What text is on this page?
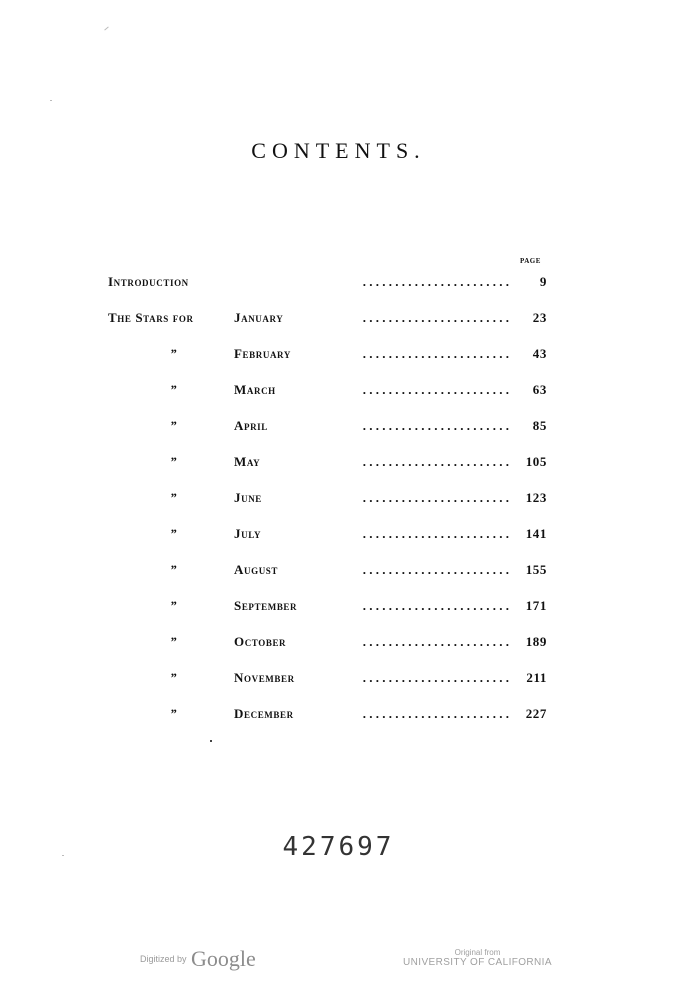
CONTENTS.
PAGE
Introduction	. . . . . . . . . . . . . . . . . . . . . . . 9
The Stars for	January	. . . . . . . . . . . . . . . . . . . . . . . 23
”	February	. . . . . . . . . . . . . . . . . . . . . . . 43
”	March	. . . . . . . . . . . . . . . . . . . . . . . 63
”	April	. . . . . . . . . . . . . . . . . . . . . . . 85
”	May	. . . . . . . . . . . . . . . . . . . . . . . 105
”	June	. . . . . . . . . . . . . . . . . . . . . . . 123
”	July	. . . . . . . . . . . . . . . . . . . . . . . 141
”	August	. . . . . . . . . . . . . . . . . . . . . . . 155
”	September	. . . . . . . . . . . . . . . . . . . . . . . 171
”	October	. . . . . . . . . . . . . . . . . . . . . . . 189
”	November	. . . . . . . . . . . . . . . . . . . . . . . 211
”	December	. . . . . . . . . . . . . . . . . . . . . . . 227
427697
Digitized by Google	Original from
UNIVERSITY OF CALIFORNIA
